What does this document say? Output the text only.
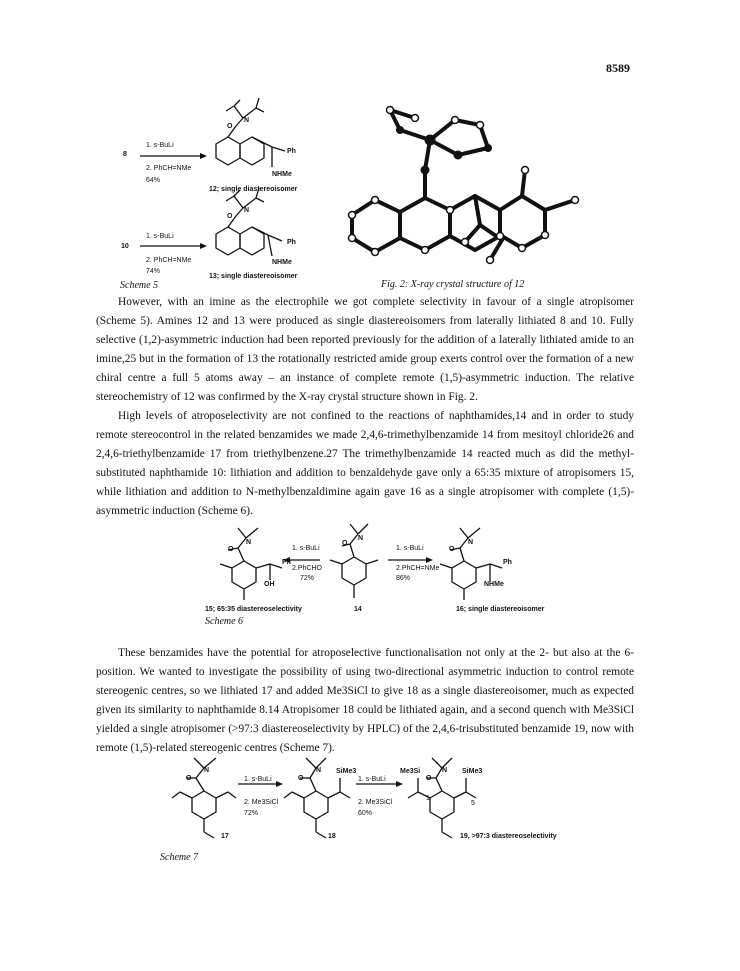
8589
1. s-BuLi
8
2. PhCH=NMe
64%
12; single diastereoisomer
Ph
NHMe
1. s-BuLi
10
2. PhCH=NMe
74%
13; single diastereoisomer
Ph
NHMe
O
N
O
N
Scheme 5	Fig. 2: X-ray crystal structure of 12

However, with an imine as the electrophile we got complete selectivity in favour of a single atropisomer (Scheme 5). Amines 12 and 13 were produced as single diastereoisomers from laterally lithiated 8 and 10. Fully selective (1,2)-asymmetric induction had been reported previously for the addition of a laterally lithiated amide to an imine,25 but in the formation of 13 the rotationally restricted amide group exerts control over the formation of a new chiral centre a full 5 atoms away – an instance of complete remote (1,5)-asymmetric induction. The relative stereochemistry of 12 was confirmed by the X-ray crystal structure shown in Fig. 2.

High levels of atroposelectivity are not confined to the reactions of naphthamides,14 and in order to study remote stereocontrol in the related benzamides we made 2,4,6-trimethylbenzamide 14 from mesitoyl chloride26 and 2,4,6-triethylbenzamide 17 from triethylbenzene.27 The trimethylbenzamide 14 reacted much as did the methyl-substituted naphthamide 10: lithiation and addition to benzaldehyde gave only a 65:35 mixture of atropisomers 15, while lithiation and addition to N-methylbenzaldimine again gave 16 as a single atropisomer with complete (1,5)-asymmetric induction (Scheme 6).

O
N	O
N
O
N
1. s-BuLi
2.PhCHO
72%
1. s-BuLi
2.PhCH=NMe
86%
Ph
OH
Ph
NHMe
15; 65:35 diastereoselectivity	14	16; single diastereoisomer
Scheme 6

These benzamides have the potential for atroposelective functionalisation not only at the 2- but also at the 6-position. We wanted to investigate the possibility of using two-directional asymmetric induction to control remote stereogenic centres, so we lithiated 17 and added Me3SiCl to give 18 as a single diastereoisomer, much as expected given its similarity to naphthamide 8.14 Atropisomer 18 could be lithiated again, and a second quench with Me3SiCl yielded a single atropisomer (>97:3 diastereoselectivity by HPLC) of the 2,4,6-trisubstituted benzamide 19, now with remote (1,5)-related stereogenic centres (Scheme 7).

O
N
O
N
O
N
1. s-BuLi
2. Me3SiCl
72%
1. s-BuLi
2. Me3SiCl
60%
SiMe3	Me3Si	SiMe3
1
5
17	18	19, >97:3 diastereoselectivity
Scheme 7
